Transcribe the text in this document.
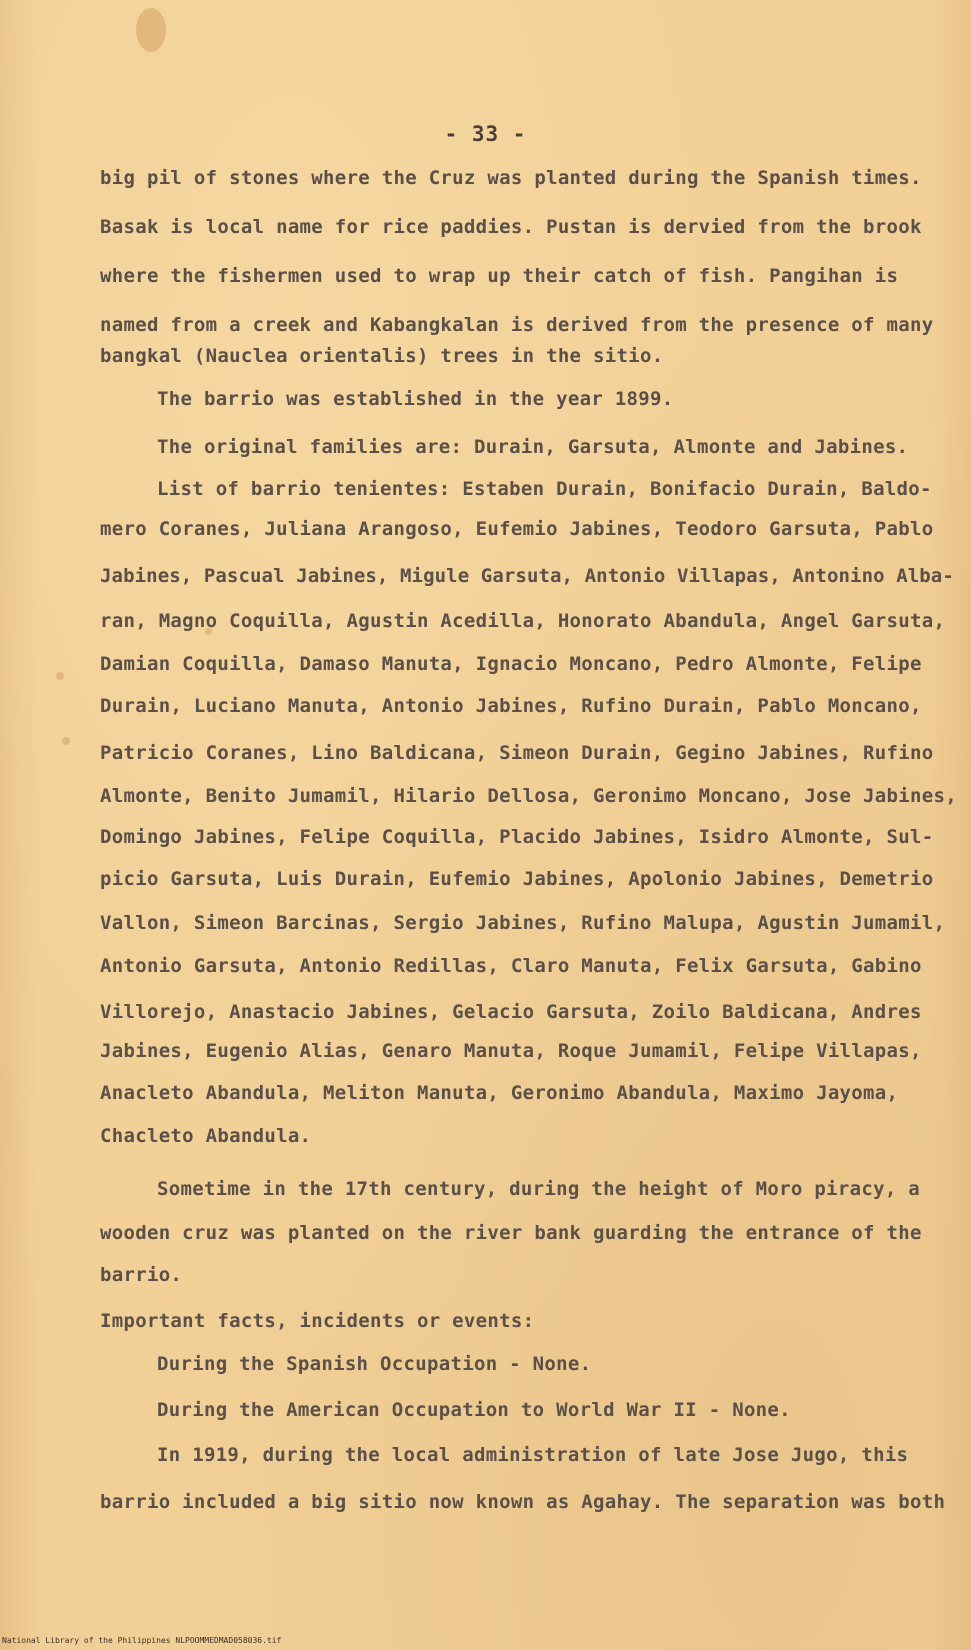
- 33 -
big pil of stones where the Cruz was planted during the Spanish times.
Basak is local name for rice paddies. Pustan is dervied from the brook
where the fishermen used to wrap up their catch of fish. Pangihan is
named from a creek and Kabangkalan is derived from the presence of many
bangkal (Nauclea orientalis) trees in the sitio.
The barrio was established in the year 1899.
The original families are: Durain, Garsuta, Almonte and Jabines.
List of barrio tenientes: Estaben Durain, Bonifacio Durain, Baldo-
mero Coranes, Juliana Arangoso, Eufemio Jabines, Teodoro Garsuta, Pablo
Jabines, Pascual Jabines, Migule Garsuta, Antonio Villapas, Antonino Alba-
ran, Magno Coquilla, Agustin Acedilla, Honorato Abandula, Angel Garsuta,
Damian Coquilla, Damaso Manuta, Ignacio Moncano, Pedro Almonte, Felipe
Durain, Luciano Manuta, Antonio Jabines, Rufino Durain, Pablo Moncano,
Patricio Coranes, Lino Baldicana, Simeon Durain, Gegino Jabines, Rufino
Almonte, Benito Jumamil, Hilario Dellosa, Geronimo Moncano, Jose Jabines,
Domingo Jabines, Felipe Coquilla, Placido Jabines, Isidro Almonte, Sul-
picio Garsuta, Luis Durain, Eufemio Jabines, Apolonio Jabines, Demetrio
Vallon, Simeon Barcinas, Sergio Jabines, Rufino Malupa, Agustin Jumamil,
Antonio Garsuta, Antonio Redillas, Claro Manuta, Felix Garsuta, Gabino
Villorejo, Anastacio Jabines, Gelacio Garsuta, Zoilo Baldicana, Andres
Jabines, Eugenio Alias, Genaro Manuta, Roque Jumamil, Felipe Villapas,
Anacleto Abandula, Meliton Manuta, Geronimo Abandula, Maximo Jayoma,
Chacleto Abandula.
Sometime in the 17th century, during the height of Moro piracy, a
wooden cruz was planted on the river bank guarding the entrance of the
barrio.
Important facts, incidents or events:
During the Spanish Occupation - None.
During the American Occupation to World War II - None.
In 1919, during the local administration of late Jose Jugo, this
barrio included a big sitio now known as Agahay. The separation was both
National Library of the Philippines NLPOOMMEDMAD058036.tif
